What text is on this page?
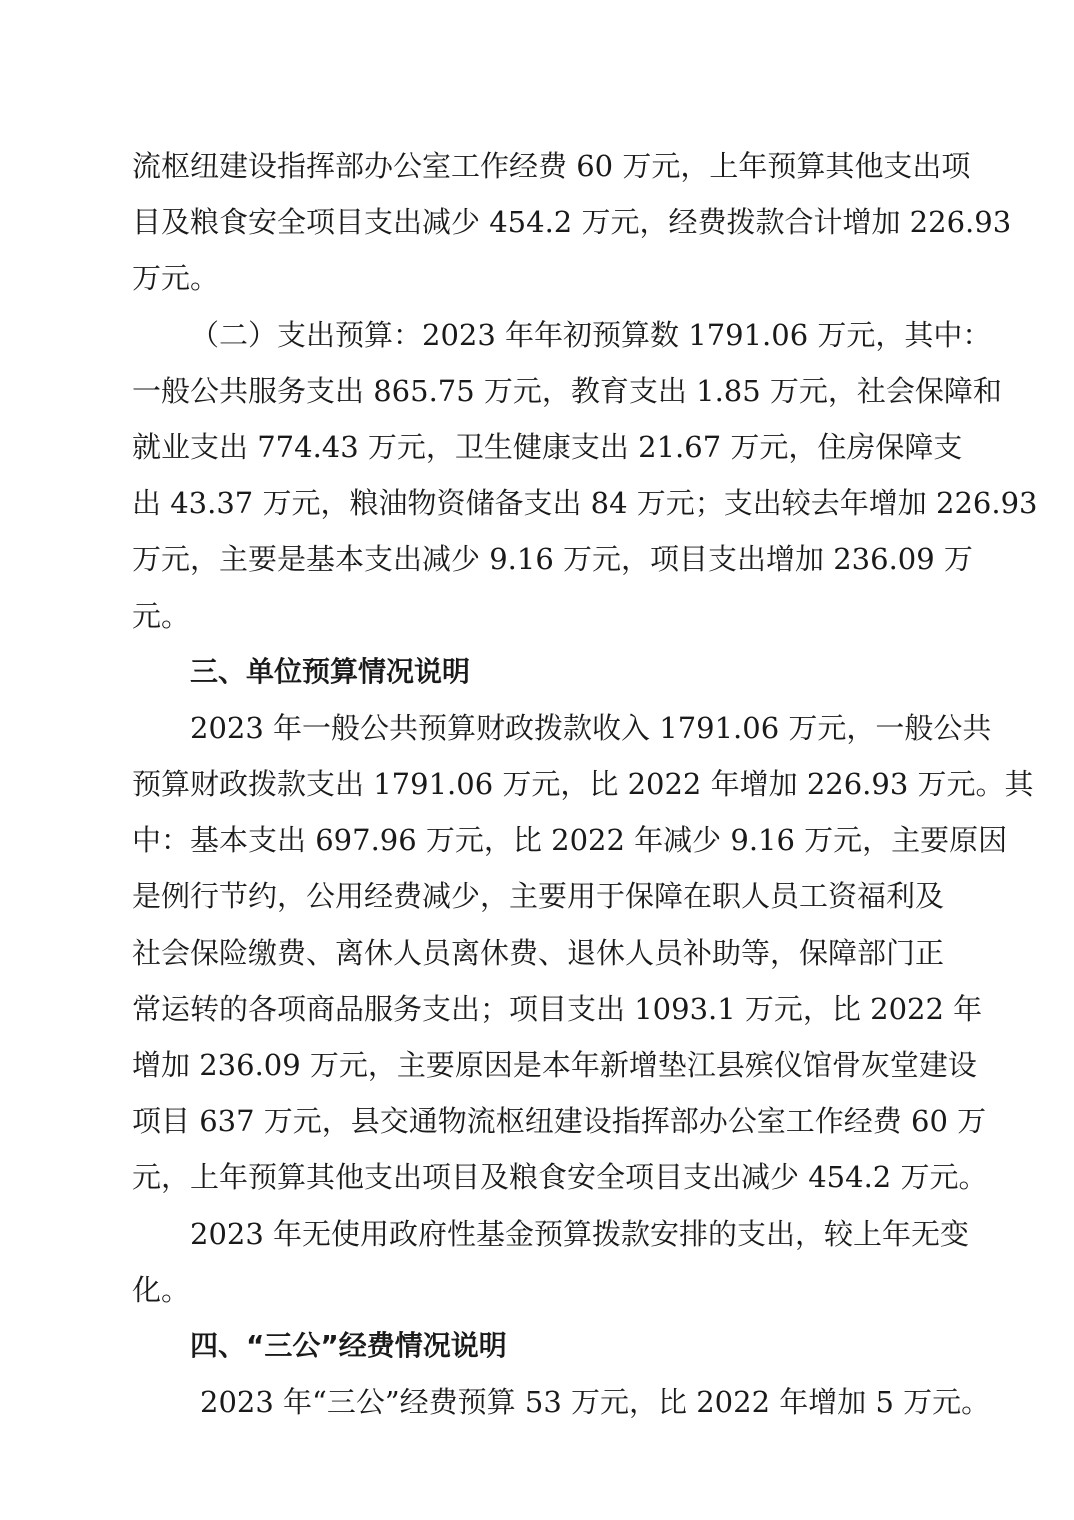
流枢纽建设指挥部办公室工作经费 60 万元，上年预算其他支出项
目及粮食安全项目支出减少 454.2 万元，经费拨款合计增加 226.93
万元。
（二）支出预算：2023 年年初预算数 1791.06 万元，其中：
一般公共服务支出 865.75 万元，教育支出 1.85 万元，社会保障和
就业支出 774.43 万元，卫生健康支出 21.67 万元，住房保障支
出 43.37 万元，粮油物资储备支出 84 万元；支出较去年增加 226.93
万元，主要是基本支出减少 9.16 万元，项目支出增加 236.09 万
元。
三、单位预算情况说明
2023 年一般公共预算财政拨款收入 1791.06 万元，一般公共
预算财政拨款支出 1791.06 万元，比 2022 年增加 226.93 万元。其
中：基本支出 697.96 万元，比 2022 年减少 9.16 万元，主要原因
是例行节约，公用经费减少，主要用于保障在职人员工资福利及
社会保险缴费、离休人员离休费、退休人员补助等，保障部门正
常运转的各项商品服务支出；项目支出 1093.1 万元，比 2022 年
增加 236.09 万元，主要原因是本年新增垫江县殡仪馆骨灰堂建设
项目 637 万元，县交通物流枢纽建设指挥部办公室工作经费 60 万
元，上年预算其他支出项目及粮食安全项目支出减少 454.2 万元。
2023 年无使用政府性基金预算拨款安排的支出，较上年无变
化。
四、“三公”经费情况说明
2023 年“三公”经费预算 53 万元，比 2022 年增加 5 万元。
